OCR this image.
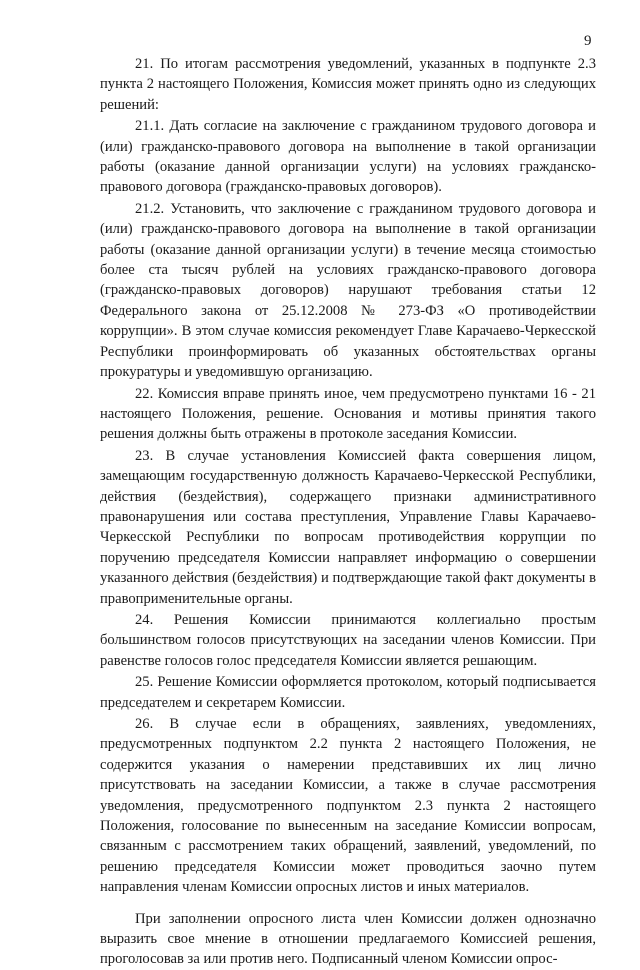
9

21. По итогам рассмотрения уведомлений, указанных в подпункте 2.3 пункта 2 настоящего Положения, Комиссия может принять одно из следующих решений:

21.1. Дать согласие на заключение с гражданином трудового договора и (или) гражданско-правового договора на выполнение в такой организации работы (оказание данной организации услуги) на условиях гражданско-правового договора (гражданско-правовых договоров).

21.2. Установить, что заключение с гражданином трудового договора и (или) гражданско-правового договора на выполнение в такой организации работы (оказание данной организации услуги) в течение месяца стоимостью более ста тысяч рублей на условиях гражданско-правового договора (гражданско-правовых договоров) нарушают требования статьи 12 Федерального закона от 25.12.2008 № 273-ФЗ «О противодействии коррупции». В этом случае комиссия рекомендует Главе Карачаево-Черкесской Республики проинформировать об указанных обстоятельствах органы прокуратуры и уведомившую организацию.

22. Комиссия вправе принять иное, чем предусмотрено пунктами 16 - 21 настоящего Положения, решение. Основания и мотивы принятия такого решения должны быть отражены в протоколе заседания Комиссии.

23. В случае установления Комиссией факта совершения лицом, замещающим государственную должность Карачаево-Черкесской Республики, действия (бездействия), содержащего признаки административного правонарушения или состава преступления, Управление Главы Карачаево-Черкесской Республики по вопросам противодействия коррупции по поручению председателя Комиссии направляет информацию о совершении указанного действия (бездействия) и подтверждающие такой факт документы в правоприменительные органы.

24. Решения Комиссии принимаются коллегиально простым большинством голосов присутствующих на заседании членов Комиссии. При равенстве голосов голос председателя Комиссии является решающим.

25. Решение Комиссии оформляется протоколом, который подписывается председателем и секретарем Комиссии.

26. В случае если в обращениях, заявлениях, уведомлениях, предусмотренных подпунктом 2.2 пункта 2 настоящего Положения, не содержится указания о намерении представивших их лиц лично присутствовать на заседании Комиссии, а также в случае рассмотрения уведомления, предусмотренного подпунктом 2.3 пункта 2 настоящего Положения, голосование по вынесенным на заседание Комиссии вопросам, связанным с рассмотрением таких обращений, заявлений, уведомлений, по решению председателя Комиссии может проводиться заочно путем направления членам Комиссии опросных листов и иных материалов.

При заполнении опросного листа член Комиссии должен однозначно выразить свое мнение в отношении предлагаемого Комиссией решения, проголосовав за или против него. Подписанный членом Комиссии опрос-
